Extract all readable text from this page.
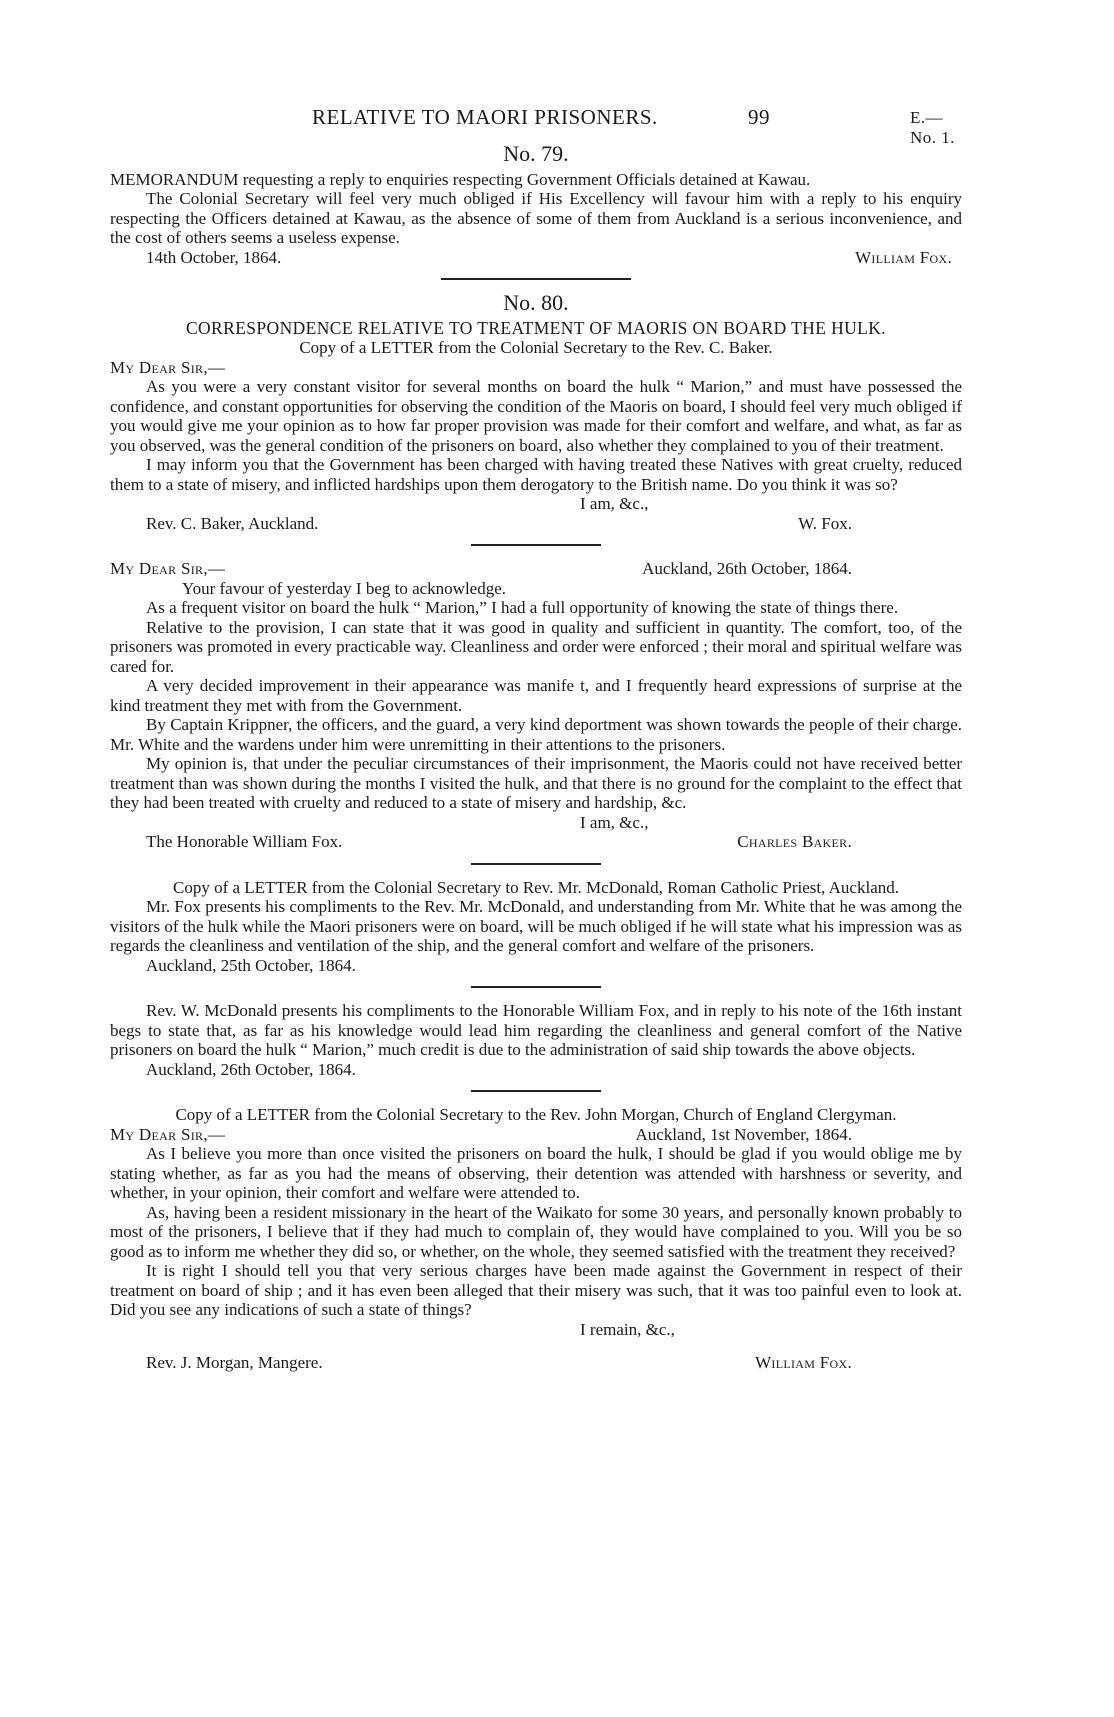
RELATIVE TO MAORI PRISONERS.	99	E.—No. 1.
No. 79.

MEMORANDUM requesting a reply to enquiries respecting Government Officials detained at Kawau.

The Colonial Secretary will feel very much obliged if His Excellency will favour him with a reply to his enquiry respecting the Officers detained at Kawau, as the absence of some of them from Auckland is a serious inconvenience, and the cost of others seems a useless expense.

14th October, 1864.	William Fox.
No. 80.
CORRESPONDENCE RELATIVE TO TREATMENT OF MAORIS ON BOARD THE HULK.
Copy of a LETTER from the Colonial Secretary to the Rev. C. Baker.
My Dear Sir,—

As you were a very constant visitor for several months on board the hulk “ Marion,” and must have possessed the confidence, and constant opportunities for observing the condition of the Maoris on board, I should feel very much obliged if you would give me your opinion as to how far proper provision was made for their comfort and welfare, and what, as far as you observed, was the general condition of the prisoners on board, also whether they complained to you of their treatment.

I may inform you that the Government has been charged with having treated these Natives with great cruelty, reduced them to a state of misery, and inflicted hardships upon them derogatory to the British name. Do you think it was so?

I am, &c.,
Rev. C. Baker, Auckland.	W. Fox.
My Dear Sir,—	Auckland, 26th October, 1864.

Your favour of yesterday I beg to acknowledge.

As a frequent visitor on board the hulk “ Marion,” I had a full opportunity of knowing the state of things there.

Relative to the provision, I can state that it was good in quality and sufficient in quantity. The comfort, too, of the prisoners was promoted in every practicable way. Cleanliness and order were enforced ; their moral and spiritual welfare was cared for.

A very decided improvement in their appearance was manife t, and I frequently heard expressions of surprise at the kind treatment they met with from the Government.

By Captain Krippner, the officers, and the guard, a very kind deportment was shown towards the people of their charge. Mr. White and the wardens under him were unremitting in their attentions to the prisoners.

My opinion is, that under the peculiar circumstances of their imprisonment, the Maoris could not have received better treatment than was shown during the months I visited the hulk, and that there is no ground for the complaint to the effect that they had been treated with cruelty and reduced to a state of misery and hardship, &c.

I am, &c.,
The Honorable William Fox.	Charles Baker.
Copy of a LETTER from the Colonial Secretary to Rev. Mr. McDonald, Roman Catholic Priest, Auckland.

Mr. Fox presents his compliments to the Rev. Mr. McDonald, and understanding from Mr. White that he was among the visitors of the hulk while the Maori prisoners were on board, will be much obliged if he will state what his impression was as regards the cleanliness and ventilation of the ship, and the general comfort and welfare of the prisoners.

Auckland, 25th October, 1864.

Rev. W. McDonald presents his compliments to the Honorable William Fox, and in reply to his note of the 16th instant begs to state that, as far as his knowledge would lead him regarding the cleanliness and general comfort of the Native prisoners on board the hulk “ Marion,” much credit is due to the administration of said ship towards the above objects.

Auckland, 26th October, 1864.
Copy of a LETTER from the Colonial Secretary to the Rev. John Morgan, Church of England Clergyman.
My Dear Sir,—	Auckland, 1st November, 1864.

As I believe you more than once visited the prisoners on board the hulk, I should be glad if you would oblige me by stating whether, as far as you had the means of observing, their detention was attended with harshness or severity, and whether, in your opinion, their comfort and welfare were attended to.

As, having been a resident missionary in the heart of the Waikato for some 30 years, and personally known probably to most of the prisoners, I believe that if they had much to complain of, they would have complained to you. Will you be so good as to inform me whether they did so, or whether, on the whole, they seemed satisfied with the treatment they received?

It is right I should tell you that very serious charges have been made against the Government in respect of their treatment on board of ship ; and it has even been alleged that their misery was such, that it was too painful even to look at. Did you see any indications of such a state of things?

I remain, &c.,
Rev. J. Morgan, Mangere.	William Fox.
